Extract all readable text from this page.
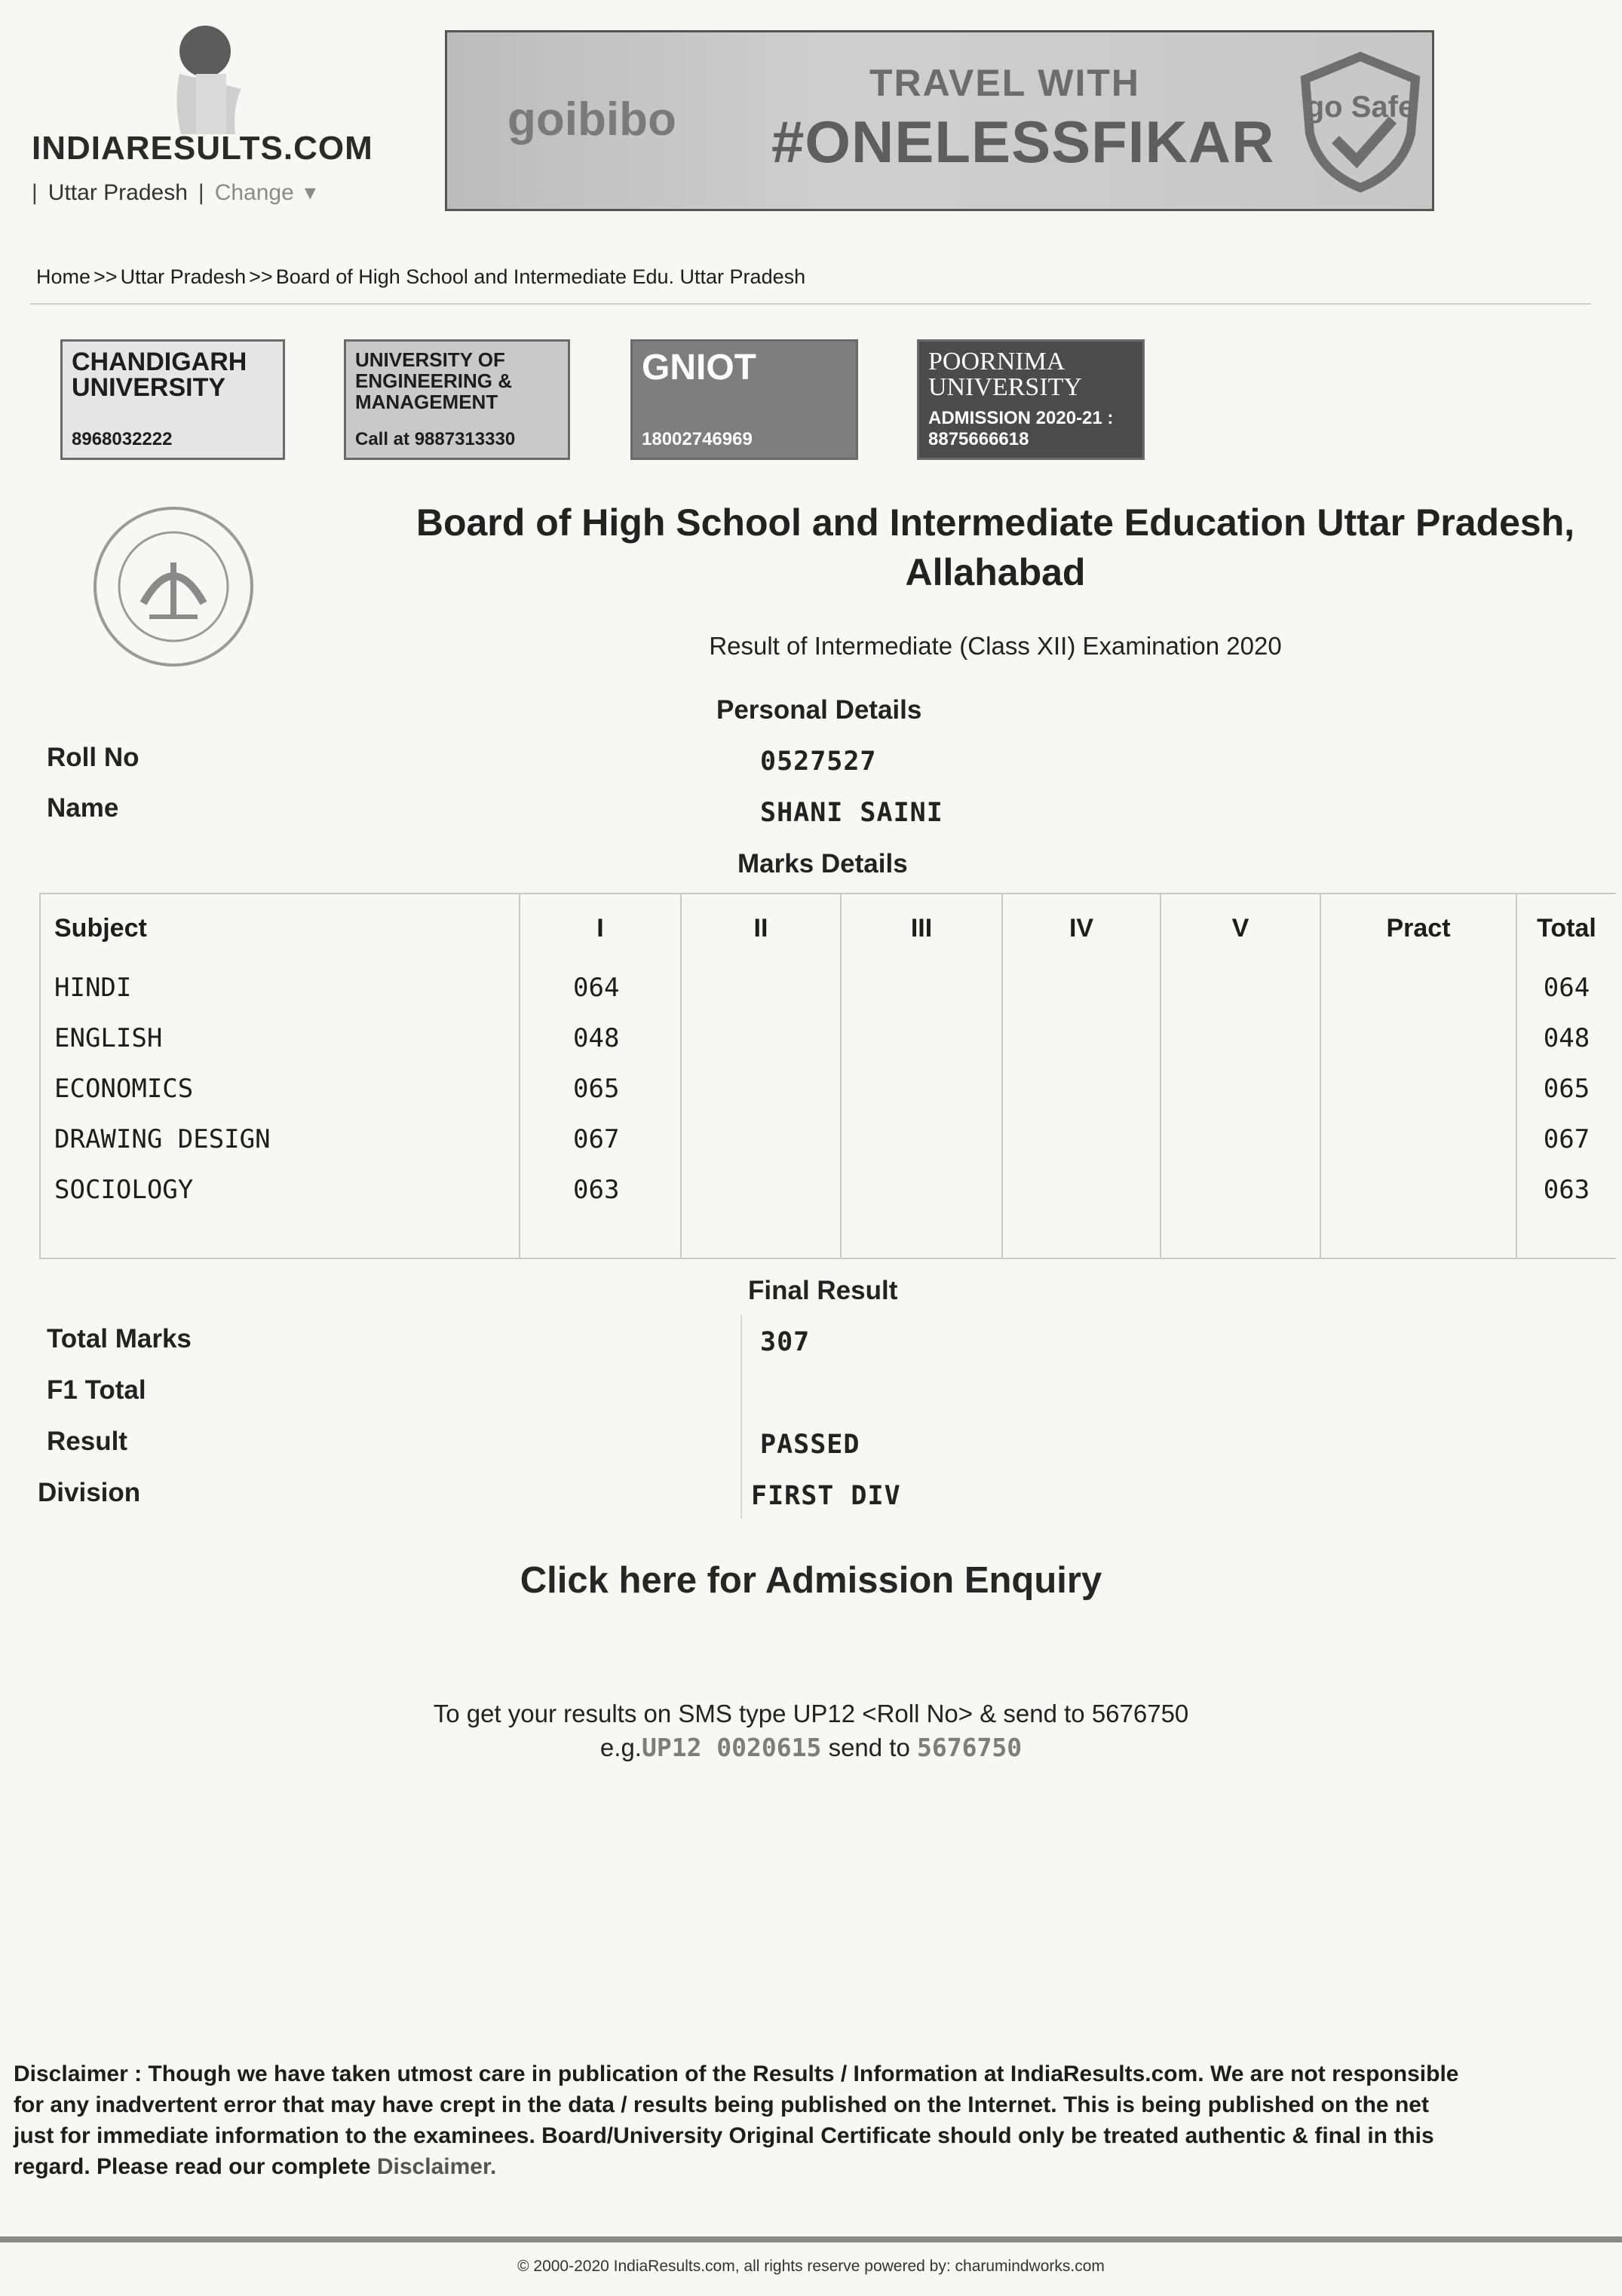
INDIARESULTS.COM
| Uttar Pradesh | Change ▾
goibibo
TRAVEL WITH
#ONELESSFIKAR
go Safe
Home >> Uttar Pradesh >> Board of High School and Intermediate Edu. Uttar Pradesh
CHANDIGARH UNIVERSITY
8968032222
UNIVERSITY OF ENGINEERING & MANAGEMENT
Call at 9887313330
GNIOT
18002746969
POORNIMA UNIVERSITY
ADMISSION 2020-21 : 8875666618
Board of High School and Intermediate Education Uttar Pradesh,
Allahabad
Result of Intermediate (Class XII) Examination 2020
Personal Details
Roll No	0527527
Name	SHANI SAINI
Marks Details
Subject	I	II	III	IV	V	Pract	Total
HINDI	064						064
ENGLISH	048						048
ECONOMICS	065						065
DRAWING DESIGN	067						067
SOCIOLOGY	063						063

Final Result
Total Marks	307
F1 Total
Result	PASSED
Division	FIRST DIV
Click here for Admission Enquiry
To get your results on SMS type UP12 <Roll No> & send to 5676750
e.g.UP12 0020615 send to 5676750
Disclaimer : Though we have taken utmost care in publication of the Results / Information at IndiaResults.com. We are not responsible for any inadvertent error that may have crept in the data / results being published on the Internet. This is being published on the net just for immediate information to the examinees. Board/University Original Certificate should only be treated authentic & final in this regard. Please read our complete Disclaimer.
© 2000-2020 IndiaResults.com, all rights reserve powered by: charumindworks.com
